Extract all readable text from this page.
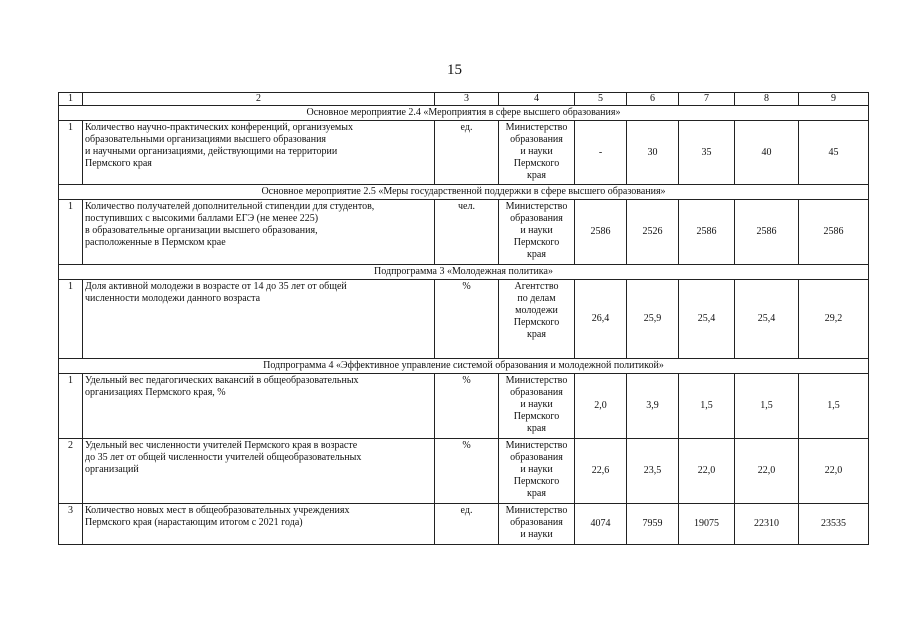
15
1	2	3	4	5	6	7	8	9
Основное мероприятие 2.4 «Мероприятия в сфере высшего образования»								
1	Количество научно-практических конференций, организуемых
образовательными организациями высшего образования
и научными организациями, действующими на территории
Пермского края	ед.	Министерство
образования
и науки
Пермского
края	-	30	35	40	45
Основное мероприятие 2.5 «Меры государственной поддержки в сфере высшего образования»								
1	Количество получателей дополнительной стипендии для студентов,
поступивших с высокими баллами ЕГЭ (не менее 225)
в образовательные организации высшего образования,
расположенные в Пермском крае	чел.	Министерство
образования
и науки
Пермского
края	2586	2526	2586	2586	2586
Подпрограмма 3 «Молодежная политика»								
1	Доля активной молодежи в возрасте от 14 до 35 лет от общей
численности молодежи данного возраста	%	Агентство
по делам
молодежи
Пермского
края	26,4	25,9	25,4	25,4	29,2
Подпрограмма 4 «Эффективное управление системой образования и молодежной политикой»								
1	Удельный вес педагогических вакансий в общеобразовательных
организациях Пермского края, %	%	Министерство
образования
и науки
Пермского
края	2,0	3,9	1,5	1,5	1,5
2	Удельный вес численности учителей Пермского края в возрасте
до 35 лет от общей численности учителей общеобразовательных
организаций	%	Министерство
образования
и науки
Пермского
края	22,6	23,5	22,0	22,0	22,0
3	Количество новых мест в общеобразовательных учреждениях
Пермского края (нарастающим итогом с 2021 года)	ед.	Министерство
образования
и науки	4074	7959	19075	22310	23535
